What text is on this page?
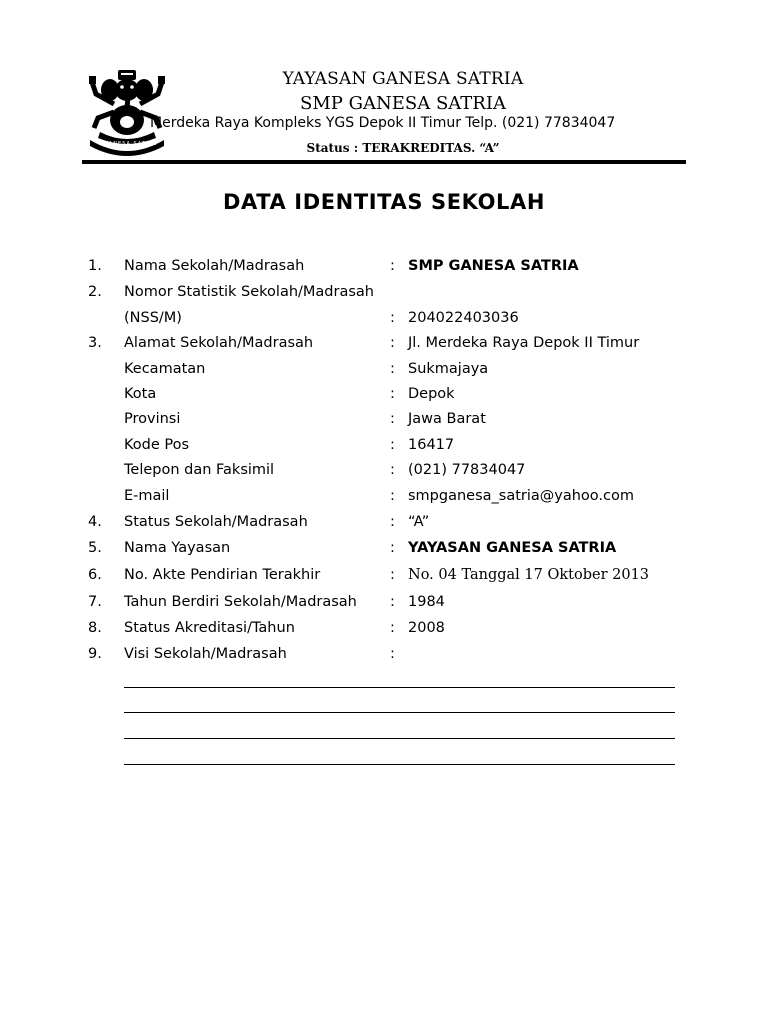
GANESA SATRIA
YAYASAN GANESA SATRIA
SMP GANESA SATRIA
Merdeka Raya Kompleks YGS Depok II Timur Telp. (021) 77834047
Status : TERAKREDITAS. “A”
DATA IDENTITAS SEKOLAH
1. Nama Sekolah/Madrasah	: SMP GANESA SATRIA
2. Nomor Statistik Sekolah/Madrasah
(NSS/M)	: 204022403036
3. Alamat Sekolah/Madrasah	: Jl. Merdeka Raya Depok II Timur
Kecamatan	: Sukmajaya
Kota	: Depok
Provinsi	: Jawa Barat
Kode Pos	: 16417
Telepon dan Faksimil	: (021) 77834047
E-mail	: smpganesa_satria@yahoo.com
4. Status Sekolah/Madrasah	: “A”
5. Nama Yayasan	: YAYASAN GANESA SATRIA
6. No. Akte Pendirian Terakhir	: No. 04 Tanggal 17 Oktober 2013
7. Tahun Berdiri Sekolah/Madrasah : 1984
8. Status Akreditasi/Tahun	: 2008
9. Visi Sekolah/Madrasah	:
